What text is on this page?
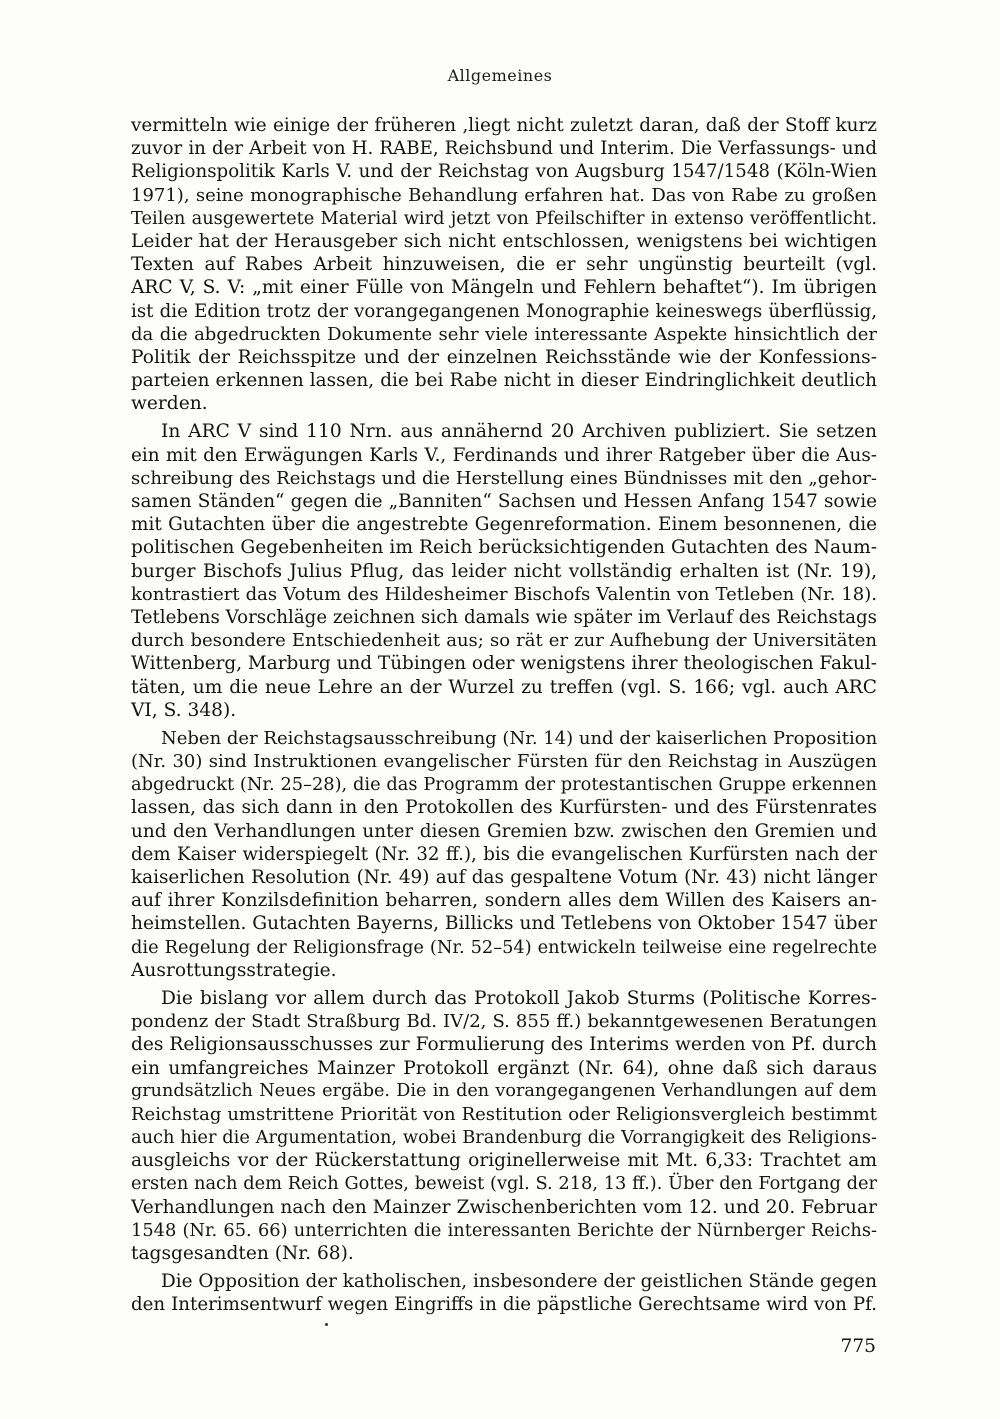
Allgemeines
vermitteln wie einige der früheren ,liegt nicht zuletzt daran, daß der Stoff kurz
zuvor in der Arbeit von H. RABE, Reichsbund und Interim. Die Verfassungs- und
Religionspolitik Karls V. und der Reichstag von Augsburg 1547/1548 (Köln-Wien
1971), seine monographische Behandlung erfahren hat. Das von Rabe zu großen
Teilen ausgewertete Material wird jetzt von Pfeilschifter in extenso veröffentlicht.
Leider hat der Herausgeber sich nicht entschlossen, wenigstens bei wichtigen
Texten auf Rabes Arbeit hinzuweisen, die er sehr ungünstig beurteilt (vgl.
ARC V, S. V: „mit einer Fülle von Mängeln und Fehlern behaftet“). Im übrigen
ist die Edition trotz der vorangegangenen Monographie keineswegs überflüssig,
da die abgedruckten Dokumente sehr viele interessante Aspekte hinsichtlich der
Politik der Reichsspitze und der einzelnen Reichsstände wie der Konfessions-
parteien erkennen lassen, die bei Rabe nicht in dieser Eindringlichkeit deutlich
werden.
In ARC V sind 110 Nrn. aus annähernd 20 Archiven publiziert. Sie setzen
ein mit den Erwägungen Karls V., Ferdinands und ihrer Ratgeber über die Aus-
schreibung des Reichstags und die Herstellung eines Bündnisses mit den „gehor-
samen Ständen“ gegen die „Banniten“ Sachsen und Hessen Anfang 1547 sowie
mit Gutachten über die angestrebte Gegenreformation. Einem besonnenen, die
politischen Gegebenheiten im Reich berücksichtigenden Gutachten des Naum-
burger Bischofs Julius Pflug, das leider nicht vollständig erhalten ist (Nr. 19),
kontrastiert das Votum des Hildesheimer Bischofs Valentin von Tetleben (Nr. 18).
Tetlebens Vorschläge zeichnen sich damals wie später im Verlauf des Reichstags
durch besondere Entschiedenheit aus; so rät er zur Aufhebung der Universitäten
Wittenberg, Marburg und Tübingen oder wenigstens ihrer theologischen Fakul-
täten, um die neue Lehre an der Wurzel zu treffen (vgl. S. 166; vgl. auch ARC
VI, S. 348).
Neben der Reichstagsausschreibung (Nr. 14) und der kaiserlichen Proposition
(Nr. 30) sind Instruktionen evangelischer Fürsten für den Reichstag in Auszügen
abgedruckt (Nr. 25–28), die das Programm der protestantischen Gruppe erkennen
lassen, das sich dann in den Protokollen des Kurfürsten- und des Fürstenrates
und den Verhandlungen unter diesen Gremien bzw. zwischen den Gremien und
dem Kaiser widerspiegelt (Nr. 32 ff.), bis die evangelischen Kurfürsten nach der
kaiserlichen Resolution (Nr. 49) auf das gespaltene Votum (Nr. 43) nicht länger
auf ihrer Konzilsdefinition beharren, sondern alles dem Willen des Kaisers an-
heimstellen. Gutachten Bayerns, Billicks und Tetlebens von Oktober 1547 über
die Regelung der Religionsfrage (Nr. 52–54) entwickeln teilweise eine regelrechte
Ausrottungsstrategie.
Die bislang vor allem durch das Protokoll Jakob Sturms (Politische Korres-
pondenz der Stadt Straßburg Bd. IV/2, S. 855 ff.) bekanntgewesenen Beratungen
des Religionsausschusses zur Formulierung des Interims werden von Pf. durch
ein umfangreiches Mainzer Protokoll ergänzt (Nr. 64), ohne daß sich daraus
grundsätzlich Neues ergäbe. Die in den vorangegangenen Verhandlungen auf dem
Reichstag umstrittene Priorität von Restitution oder Religionsvergleich bestimmt
auch hier die Argumentation, wobei Brandenburg die Vorrangigkeit des Religions-
ausgleichs vor der Rückerstattung originellerweise mit Mt. 6,33: Trachtet am
ersten nach dem Reich Gottes, beweist (vgl. S. 218, 13 ff.). Über den Fortgang der
Verhandlungen nach den Mainzer Zwischenberichten vom 12. und 20. Februar
1548 (Nr. 65. 66) unterrichten die interessanten Berichte der Nürnberger Reichs-
tagsgesandten (Nr. 68).
Die Opposition der katholischen, insbesondere der geistlichen Stände gegen
den Interimsentwurf wegen Eingriffs in die päpstliche Gerechtsame wird von Pf.
775
